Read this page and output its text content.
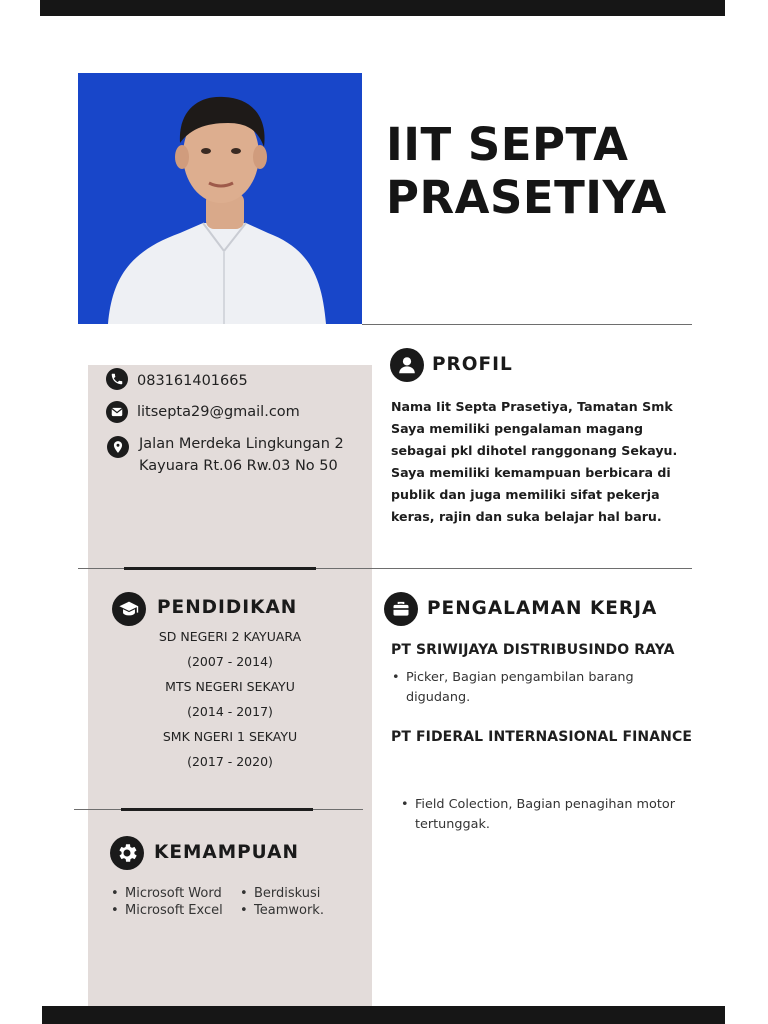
IIT SEPTA
PRASETIYA
083161401665
litsepta29@gmail.com
Jalan Merdeka Lingkungan 2
Kayuara Rt.06 Rw.03 No 50
PROFIL
Nama Iit Septa Prasetiya, Tamatan Smk
Saya memiliki pengalaman magang
sebagai pkl dihotel ranggonang Sekayu.
Saya memiliki kemampuan berbicara di
publik dan juga memiliki sifat pekerja
keras, rajin dan suka belajar hal baru.
PENDIDIKAN
SD NEGERI 2 KAYUARA
(2007 - 2014)
MTS NEGERI SEKAYU
(2014 - 2017)
SMK NGERI 1 SEKAYU
(2017 - 2020)
PENGALAMAN KERJA
PT SRIWIJAYA DISTRIBUSINDO RAYA
• Picker, Bagian pengambilan barang
digudang.
PT FIDERAL INTERNASIONAL FINANCE
• Field Colection, Bagian penagihan motor
tertunggak.
KEMAMPUAN
• Microsoft Word
• Microsoft Excel
• Berdiskusi
• Teamwork.
